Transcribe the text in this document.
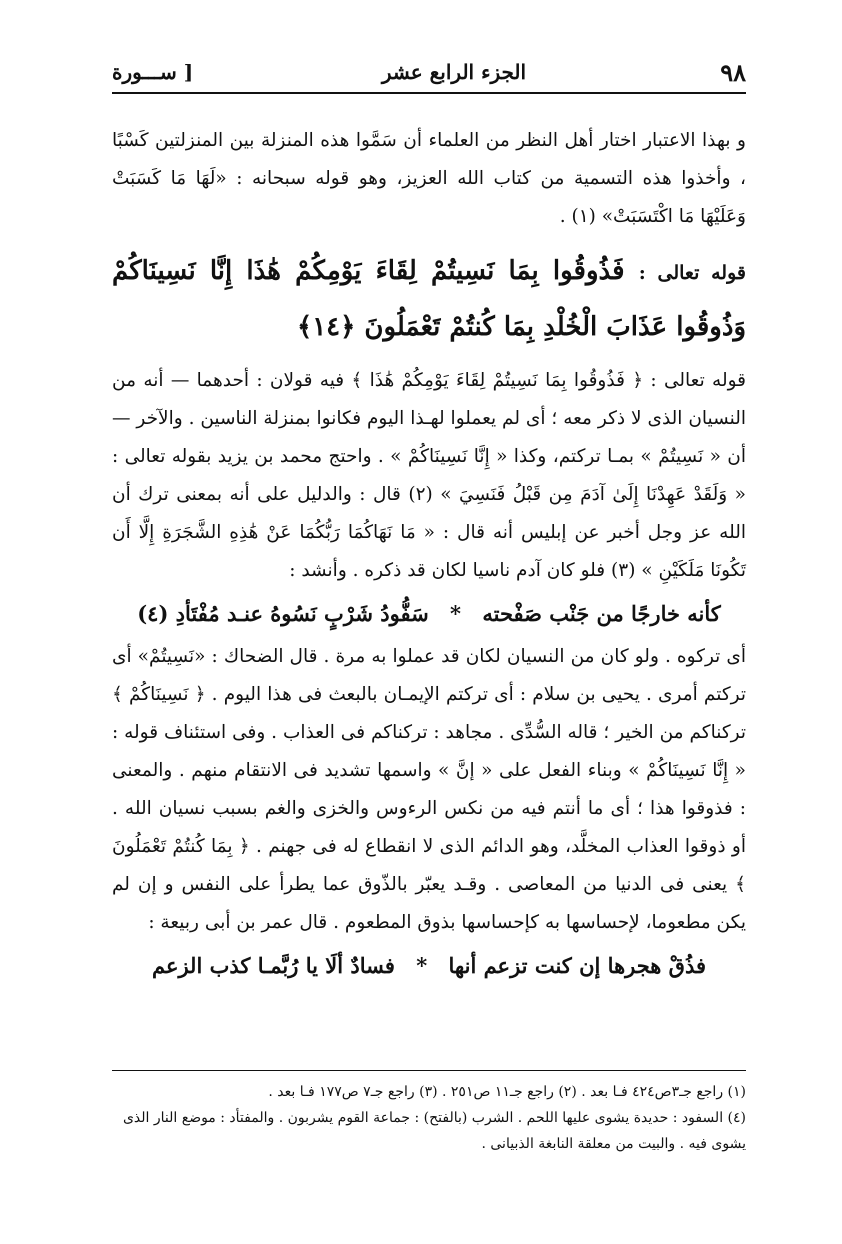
٩٨
الجزء الرابع عشر
[ ســـورة

و بهذا الاعتبار اختار أهل النظر من العلماء أن سَمَّوا هذه المنزلة بين المنزلتين كَسْبًا ، وأخذوا هذه التسمية من كتاب الله العزيز، وهو قوله سبحانه : «لَهَا مَا كَسَبَتْ وَعَلَيْهَا مَا اكْتَسَبَتْ» (١) .

قوله تعالى : فَذُوقُوا بِمَا نَسِيتُمْ لِقَاءَ يَوْمِكُمْ هَٰذَا إِنَّا نَسِينَاكُمْ وَذُوقُوا عَذَابَ الْخُلْدِ بِمَا كُنتُمْ تَعْمَلُونَ ﴿١٤﴾

قوله تعالى : ﴿ فَذُوقُوا بِمَا نَسِيتُمْ لِقَاءَ يَوْمِكُمْ هَٰذَا ﴾ فيه قولان : أحدهما — أنه من النسيان الذى لا ذكر معه ؛ أى لم يعملوا لهـذا اليوم فكانوا بمنزلة الناسين . والآخر — أن « نَسِيتُمْ » بمـا تركتم، وكذا « إِنَّا نَسِينَاكُمْ » . واحتج محمد بن يزيد بقوله تعالى : « وَلَقَدْ عَهِدْنَا إِلَىٰ آدَمَ مِن قَبْلُ فَنَسِيَ » (٢) قال : والدليل على أنه بمعنى ترك أن الله عز وجل أخبر عن إبليس أنه قال : « مَا نَهَاكُمَا رَبُّكُمَا عَنْ هَٰذِهِ الشَّجَرَةِ إِلَّا أَن تَكُونَا مَلَكَيْنِ » (٣) فلو كان آدم ناسيا لكان قد ذكره . وأنشد :

كأنه خارجًا من جَنْب صَفْحته * سَفُّودُ شَرْبٍ نَسُوهُ عنـد مُفْتَأدِ (٤)

أى تركوه . ولو كان من النسيان لكان قد عملوا به مرة . قال الضحاك : «نَسِيتُمْ» أى تركتم أمرى . يحيى بن سلام : أى تركتم الإيمـان بالبعث فى هذا اليوم . ﴿ نَسِينَاكُمْ ﴾ تركناكم من الخير ؛ قاله السُّدِّى . مجاهد : تركناكم فى العذاب . وفى استئناف قوله : « إِنَّا نَسِينَاكُمْ » وبناء الفعل على « إنَّ » واسمها تشديد فى الانتقام منهم . والمعنى : فذوقوا هذا ؛ أى ما أنتم فيه من نكس الرءوس والخزى والغم بسبب نسيان الله . أو ذوقوا العذاب المخلَّد، وهو الدائم الذى لا انقطاع له فى جهنم . ﴿ بِمَا كُنتُمْ تَعْمَلُونَ ﴾ يعنى فى الدنيا من المعاصى . وقـد يعبّر بالذّوق عما يطرأ على النفس و إن لم يكن مطعوما، لإحساسها به كإحساسها بذوق المطعوم . قال عمر بن أبى ربيعة :

فذُقْ هجرها إن كنت تزعم أنها * فسادٌ ألَا يا رُبَّمـا كذب الزعم

(١) راجع جـ٣ص٤٢٤ فـا بعد . (٢) راجع جـ١١ ص٢٥١ . (٣) راجع جـ٧ ص١٧٧ فـا بعد .

(٤) السفود : حديدة يشوى عليها اللحم . الشرب (بالفتح) : جماعة القوم يشربون . والمفتأد : موضع النار الذى يشوى فيه . والبيت من معلقة النابغة الذبيانى .
